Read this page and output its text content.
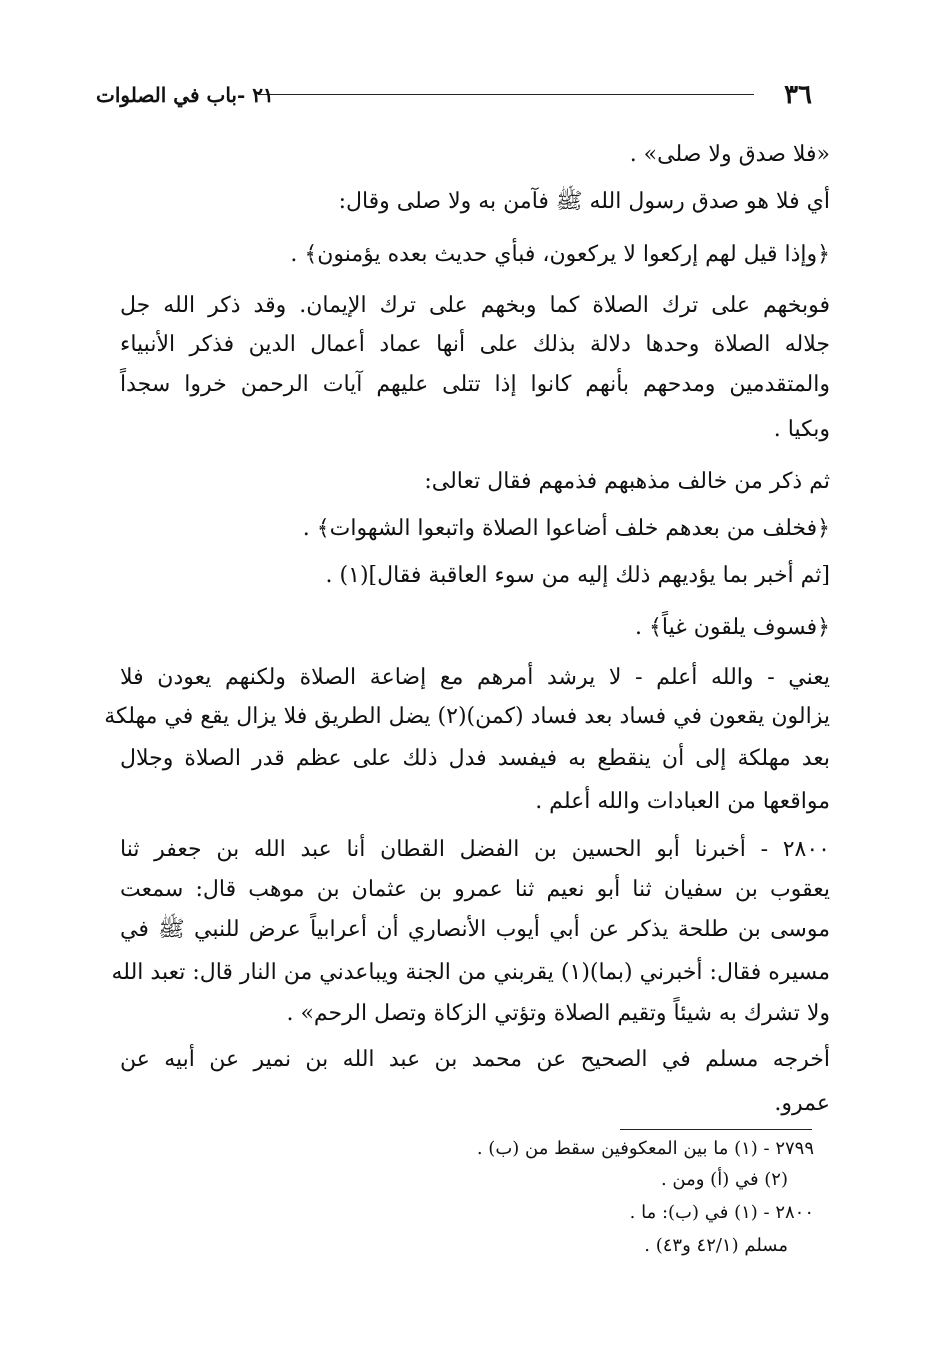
٣٦
٢١ -باب في الصلوات
«فلا صدق ولا صلى» .
أي فلا هو صدق رسول الله ﷺ فآمن به ولا صلى وقال:
﴿وإذا قيل لهم إركعوا لا يركعون، فبأي حديث بعده يؤمنون﴾ .
فوبخهم على ترك الصلاة كما وبخهم على ترك الإيمان. وقد ذكر الله جل
جلاله الصلاة وحدها دلالة بذلك على أنها عماد أعمال الدين فذكر الأنبياء
والمتقدمين ومدحهم بأنهم كانوا إذا تتلى عليهم آيات الرحمن خروا سجداً
وبكيا .
ثم ذكر من خالف مذهبهم فذمهم فقال تعالى:
﴿فخلف من بعدهم خلف أضاعوا الصلاة واتبعوا الشهوات﴾ .
[ثم أخبر بما يؤديهم ذلك إليه من سوء العاقبة فقال](١) .
﴿فسوف يلقون غياً﴾ .
يعني - والله أعلم - لا يرشد أمرهم مع إضاعة الصلاة ولكنهم يعودن فلا
يزالون يقعون في فساد بعد فساد (كمن)(٢) يضل الطريق فلا يزال يقع في مهلكة
بعد مهلكة إلى أن ينقطع به فيفسد فدل ذلك على عظم قدر الصلاة وجلال
مواقعها من العبادات والله أعلم .
٢٨٠٠ - أخبرنا أبو الحسين بن الفضل القطان أنا عبد الله بن جعفر ثنا
يعقوب بن سفيان ثنا أبو نعيم ثنا عمرو بن عثمان بن موهب قال: سمعت
موسى بن طلحة يذكر عن أبي أيوب الأنصاري أن أعرابياً عرض للنبي ﷺ في
مسيره فقال: أخبرني (بما)(١) يقربني من الجنة ويباعدني من النار قال: تعبد الله
ولا تشرك به شيئاً وتقيم الصلاة وتؤتي الزكاة وتصل الرحم» .
أخرجه مسلم في الصحيح عن محمد بن عبد الله بن نمير عن أبيه عن
عمرو.
٢٧٩٩ - (١) ما بين المعكوفين سقط من (ب) .
(٢) في (أ) ومن .
٢٨٠٠ - (١) في (ب): ما .
مسلم (٤٢/١ و٤٣) .
